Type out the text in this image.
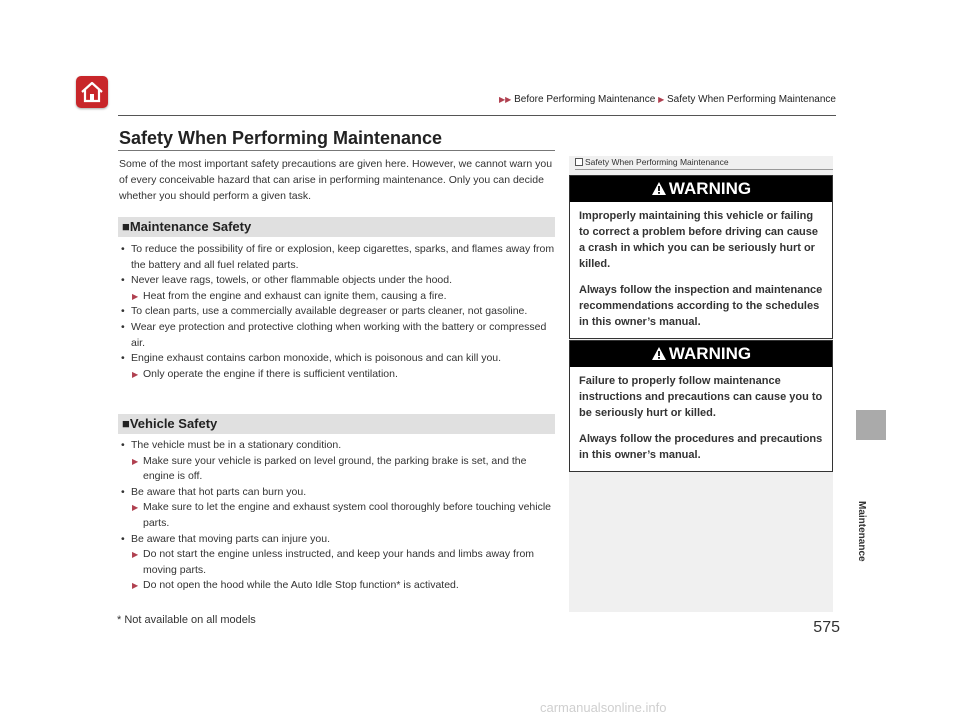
▶▶ Before Performing Maintenance ▶ Safety When Performing Maintenance
Safety When Performing Maintenance
Some of the most important safety precautions are given here. However, we cannot warn you of every conceivable hazard that can arise in performing maintenance. Only you can decide whether you should perform a given task.
■Maintenance Safety
• To reduce the possibility of fire or explosion, keep cigarettes, sparks, and flames away from the battery and all fuel related parts.
• Never leave rags, towels, or other flammable objects under the hood.
▶ Heat from the engine and exhaust can ignite them, causing a fire.
• To clean parts, use a commercially available degreaser or parts cleaner, not gasoline.
• Wear eye protection and protective clothing when working with the battery or compressed air.
• Engine exhaust contains carbon monoxide, which is poisonous and can kill you.
▶ Only operate the engine if there is sufficient ventilation.
■Vehicle Safety
• The vehicle must be in a stationary condition.
▶ Make sure your vehicle is parked on level ground, the parking brake is set, and the engine is off.
• Be aware that hot parts can burn you.
▶ Make sure to let the engine and exhaust system cool thoroughly before touching vehicle parts.
• Be aware that moving parts can injure you.
▶ Do not start the engine unless instructed, and keep your hands and limbs away from moving parts.
▶ Do not open the hood while the Auto Idle Stop function* is activated.
Safety When Performing Maintenance
WARNING

Improperly maintaining this vehicle or failing to correct a problem before driving can cause a crash in which you can be seriously hurt or killed.

Always follow the inspection and maintenance recommendations according to the schedules in this owner’s manual.

WARNING

Failure to properly follow maintenance instructions and precautions can cause you to be seriously hurt or killed.

Always follow the procedures and precautions in this owner’s manual.

Maintenance
* Not available on all models	575
carmanualsonline.info
